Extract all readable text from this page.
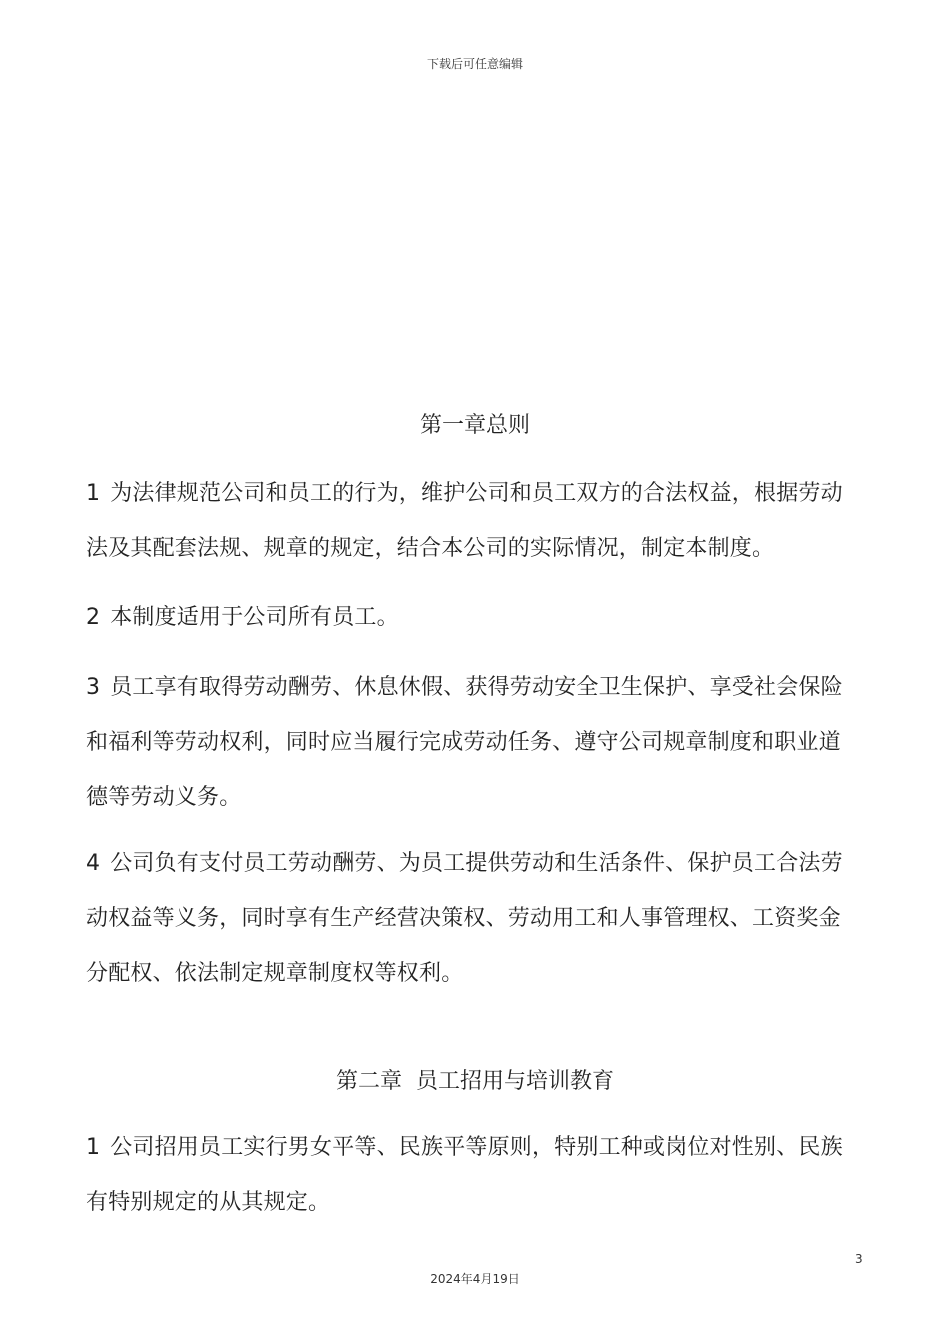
下载后可任意编辑
第一章总则
1 为法律规范公司和员工的行为，维护公司和员工双方的合法权益，根据劳动法及其配套法规、规章的规定，结合本公司的实际情况，制定本制度。
2 本制度适用于公司所有员工。
3 员工享有取得劳动酬劳、休息休假、获得劳动安全卫生保护、享受社会保险和福利等劳动权利，同时应当履行完成劳动任务、遵守公司规章制度和职业道德等劳动义务。
4 公司负有支付员工劳动酬劳、为员工提供劳动和生活条件、保护员工合法劳动权益等义务，同时享有生产经营决策权、劳动用工和人事管理权、工资奖金分配权、依法制定规章制度权等权利。
第二章  员工招用与培训教育
1 公司招用员工实行男女平等、民族平等原则，特别工种或岗位对性别、民族有特别规定的从其规定。
3
2024年4月19日
